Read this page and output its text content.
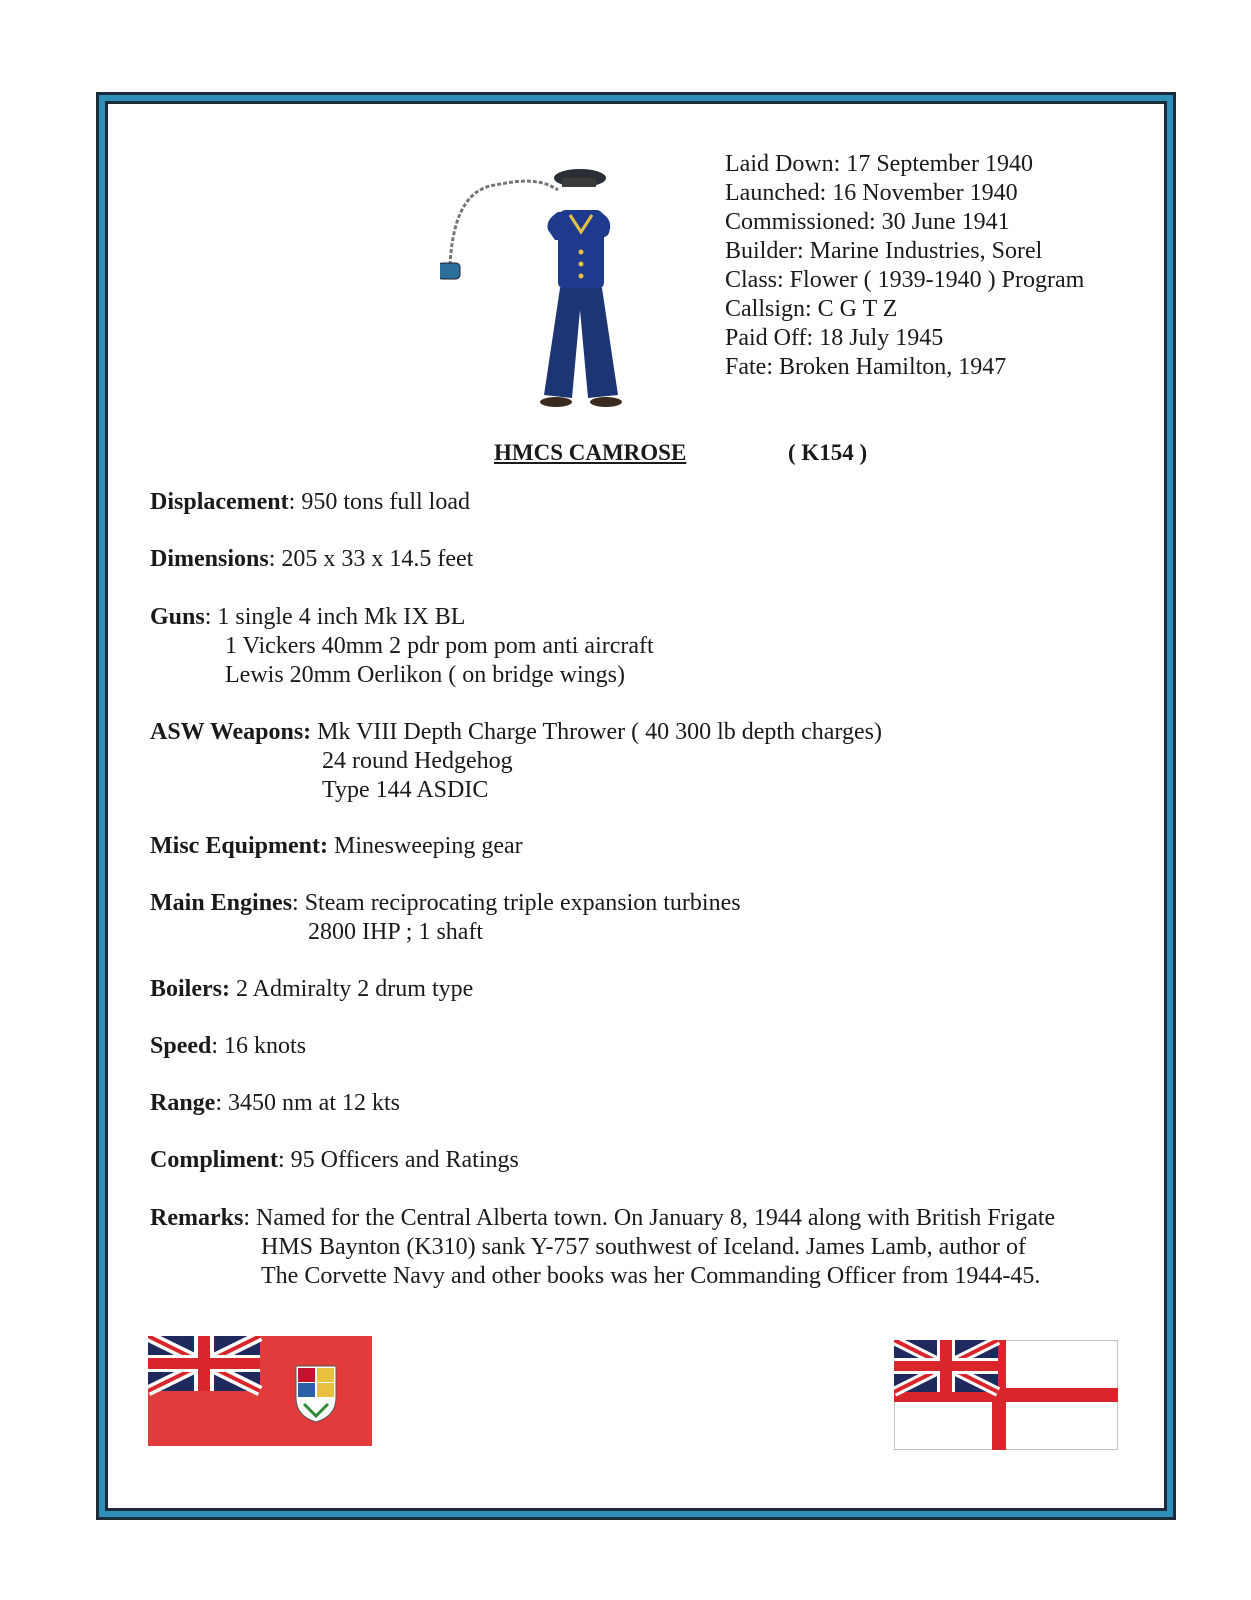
Laid Down: 17 September 1940
Launched: 16 November 1940
Commissioned: 30 June 1941
Builder: Marine Industries, Sorel
Class: Flower ( 1939-1940 ) Program
Callsign: C G T Z
Paid Off: 18 July 1945
Fate: Broken Hamilton, 1947
HMCS CAMROSE	( K154 )
Displacement: 950 tons full load
Dimensions: 205 x 33 x 14.5 feet
Guns: 1 single 4 inch Mk IX BL
1 Vickers 40mm 2 pdr pom pom anti aircraft
Lewis 20mm Oerlikon ( on bridge wings)
ASW Weapons: Mk VIII Depth Charge Thrower ( 40 300 lb depth charges)
24 round Hedgehog
Type 144 ASDIC
Misc Equipment: Minesweeping gear
Main Engines: Steam reciprocating triple expansion turbines
2800 IHP ; 1 shaft
Boilers: 2 Admiralty 2 drum type
Speed: 16 knots
Range: 3450 nm at 12 kts
Compliment: 95 Officers and Ratings
Remarks: Named for the Central Alberta town. On January 8, 1944 along with British Frigate
HMS Baynton (K310) sank Y-757 southwest of Iceland. James Lamb, author of
The Corvette Navy and other books was her Commanding Officer from 1944-45.
